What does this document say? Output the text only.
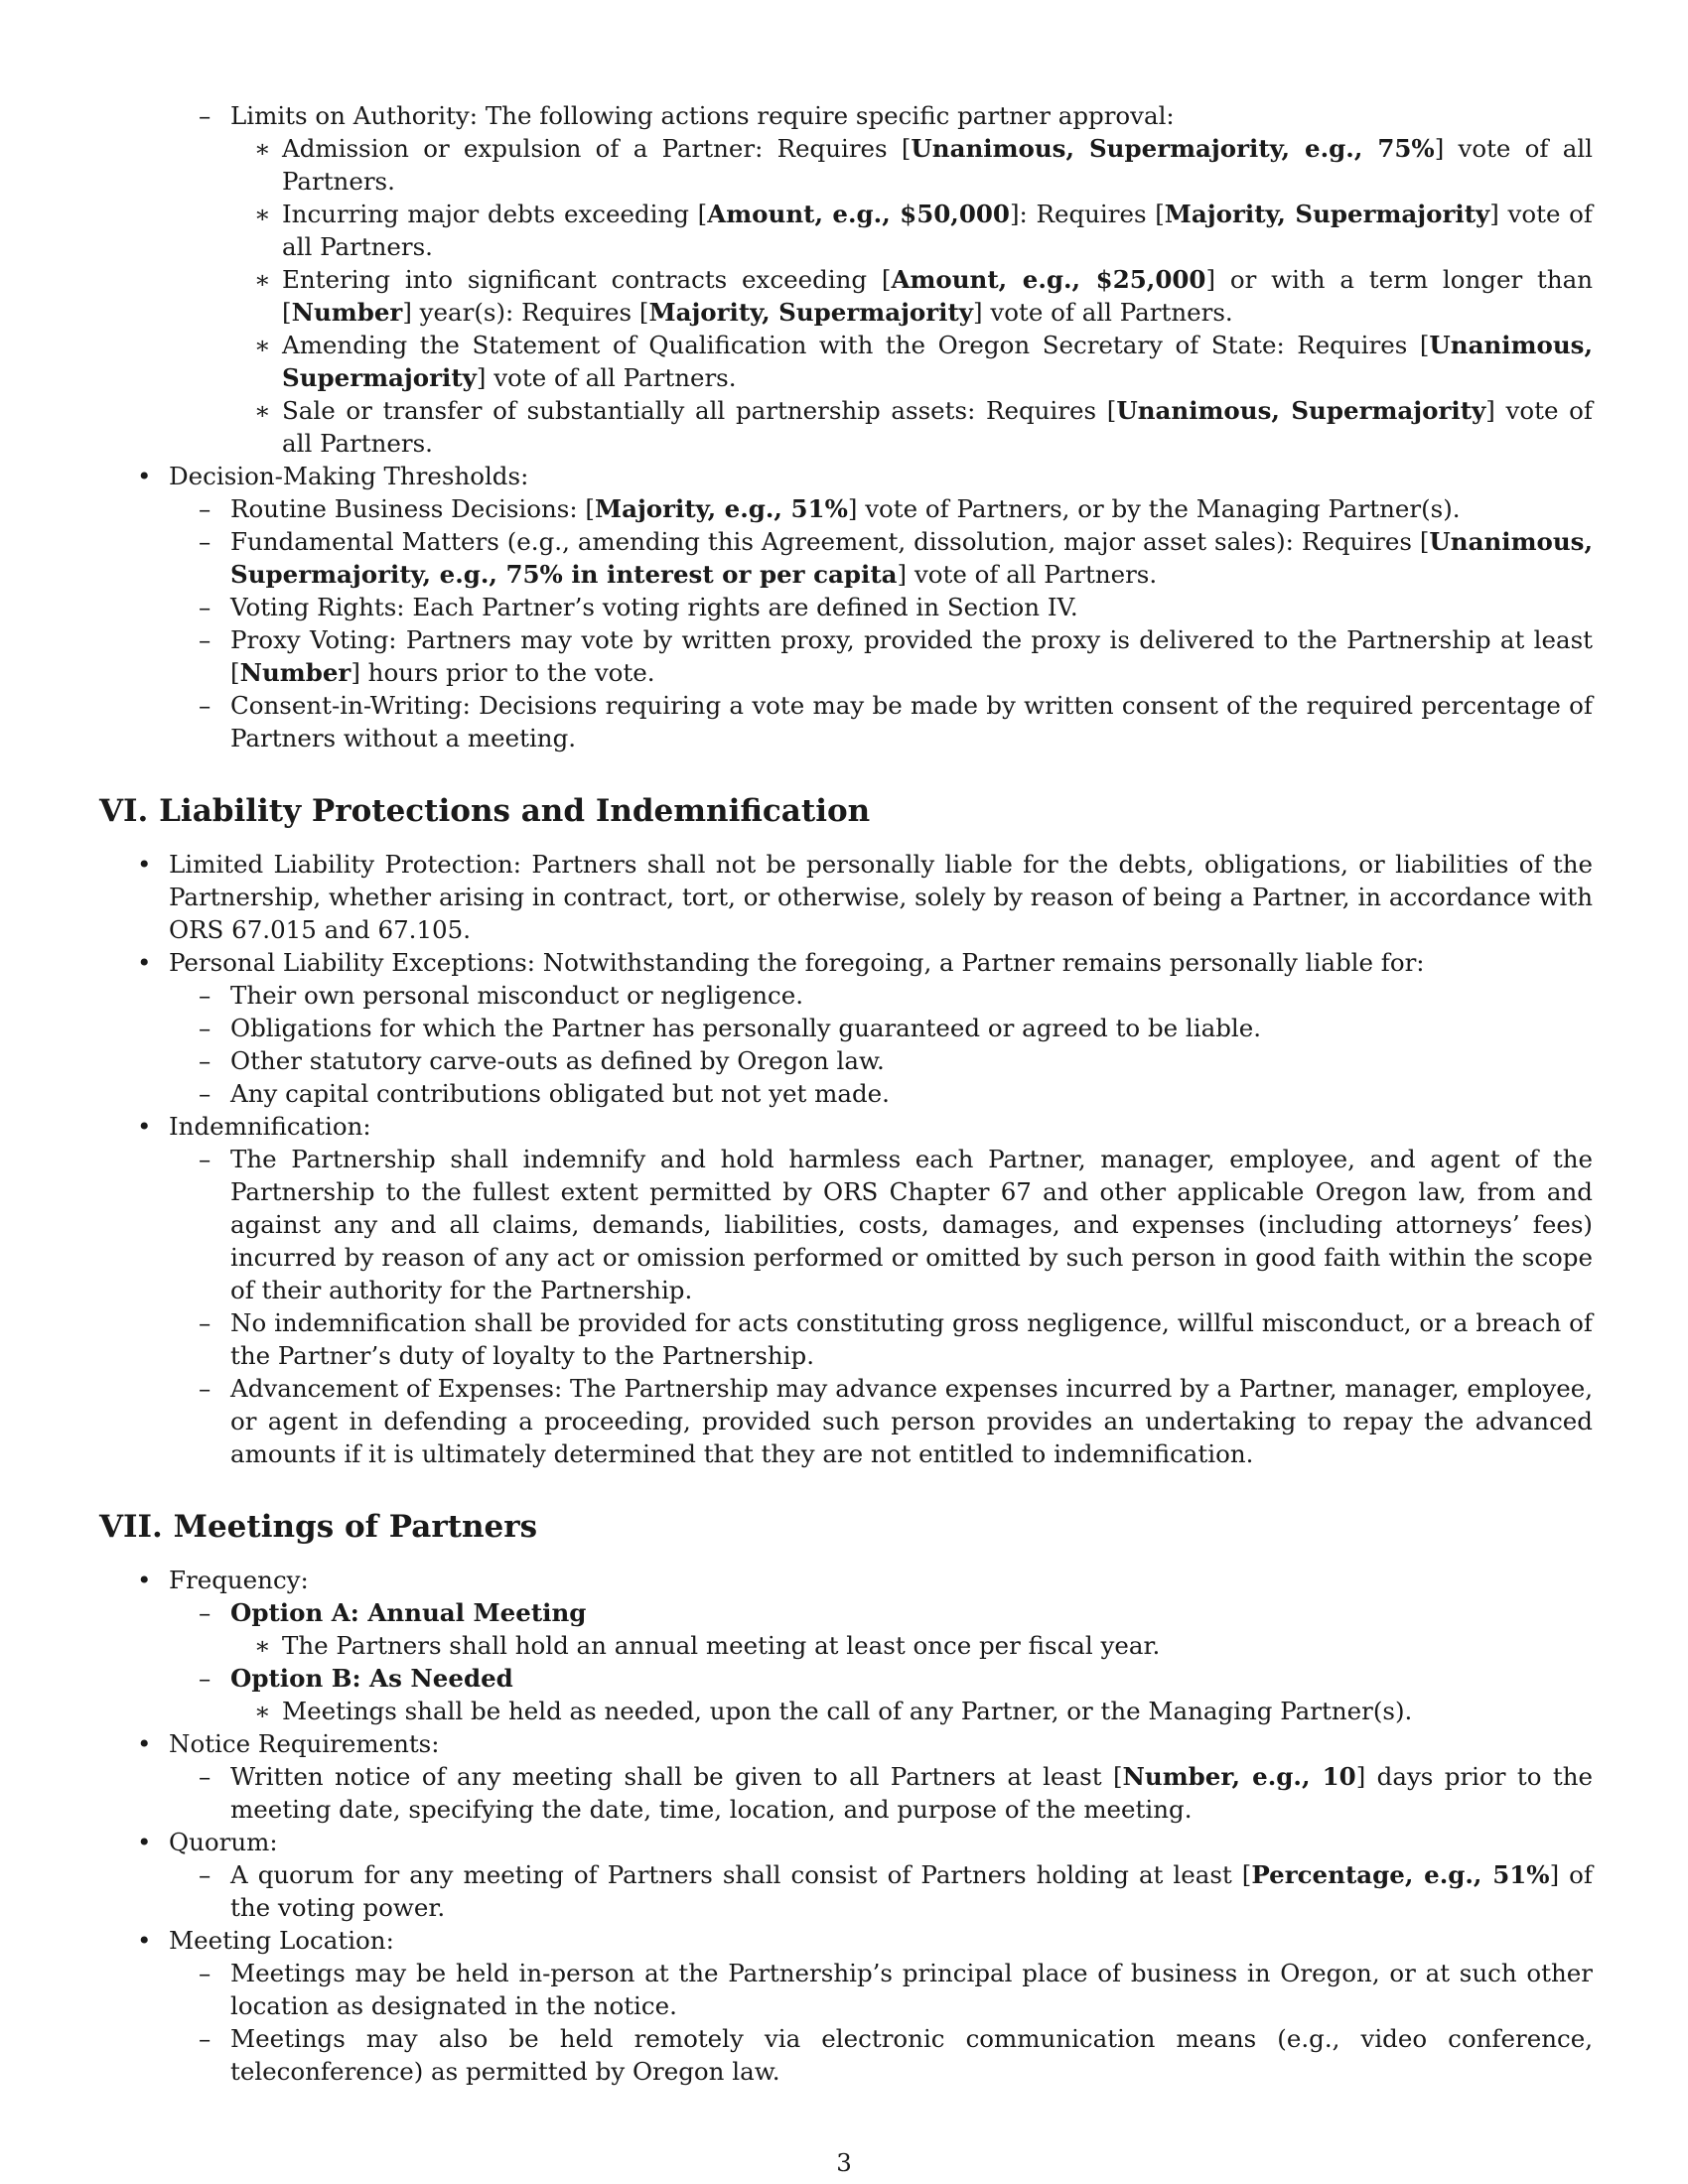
– Limits on Authority: The following actions require specific partner approval:
∗ Admission or expulsion of a Partner: Requires [Unanimous, Supermajority, e.g., 75%] vote of all Partners.
∗ Incurring major debts exceeding [Amount, e.g., $50,000]: Requires [Majority, Supermajority] vote of all Partners.
∗ Entering into significant contracts exceeding [Amount, e.g., $25,000] or with a term longer than [Number] year(s): Requires [Majority, Supermajority] vote of all Partners.
∗ Amending the Statement of Qualification with the Oregon Secretary of State: Requires [Unanimous, Supermajority] vote of all Partners.
∗ Sale or transfer of substantially all partnership assets: Requires [Unanimous, Supermajority] vote of all Partners.
• Decision-Making Thresholds:
– Routine Business Decisions: [Majority, e.g., 51%] vote of Partners, or by the Managing Partner(s).
– Fundamental Matters (e.g., amending this Agreement, dissolution, major asset sales): Requires [Unanimous, Supermajority, e.g., 75% in interest or per capita] vote of all Partners.
– Voting Rights: Each Partner’s voting rights are defined in Section IV.
– Proxy Voting: Partners may vote by written proxy, provided the proxy is delivered to the Partnership at least [Number] hours prior to the vote.
– Consent-in-Writing: Decisions requiring a vote may be made by written consent of the required percentage of Partners without a meeting.
VI. Liability Protections and Indemnification
• Limited Liability Protection: Partners shall not be personally liable for the debts, obligations, or liabilities of the Partnership, whether arising in contract, tort, or otherwise, solely by reason of being a Partner, in accordance with ORS 67.015 and 67.105.
• Personal Liability Exceptions: Notwithstanding the foregoing, a Partner remains personally liable for:
– Their own personal misconduct or negligence.
– Obligations for which the Partner has personally guaranteed or agreed to be liable.
– Other statutory carve-outs as defined by Oregon law.
– Any capital contributions obligated but not yet made.
• Indemnification:
– The Partnership shall indemnify and hold harmless each Partner, manager, employee, and agent of the Partnership to the fullest extent permitted by ORS Chapter 67 and other applicable Oregon law, from and against any and all claims, demands, liabilities, costs, damages, and expenses (including attorneys’ fees) incurred by reason of any act or omission performed or omitted by such person in good faith within the scope of their authority for the Partnership.
– No indemnification shall be provided for acts constituting gross negligence, willful misconduct, or a breach of the Partner’s duty of loyalty to the Partnership.
– Advancement of Expenses: The Partnership may advance expenses incurred by a Partner, manager, employee, or agent in defending a proceeding, provided such person provides an undertaking to repay the advanced amounts if it is ultimately determined that they are not entitled to indemnification.
VII. Meetings of Partners
• Frequency:
– Option A: Annual Meeting
∗ The Partners shall hold an annual meeting at least once per fiscal year.
– Option B: As Needed
∗ Meetings shall be held as needed, upon the call of any Partner, or the Managing Partner(s).
• Notice Requirements:
– Written notice of any meeting shall be given to all Partners at least [Number, e.g., 10] days prior to the meeting date, specifying the date, time, location, and purpose of the meeting.
• Quorum:
– A quorum for any meeting of Partners shall consist of Partners holding at least [Percentage, e.g., 51%] of the voting power.
• Meeting Location:
– Meetings may be held in-person at the Partnership’s principal place of business in Oregon, or at such other location as designated in the notice.
– Meetings may also be held remotely via electronic communication means (e.g., video conference, teleconference) as permitted by Oregon law.
3
